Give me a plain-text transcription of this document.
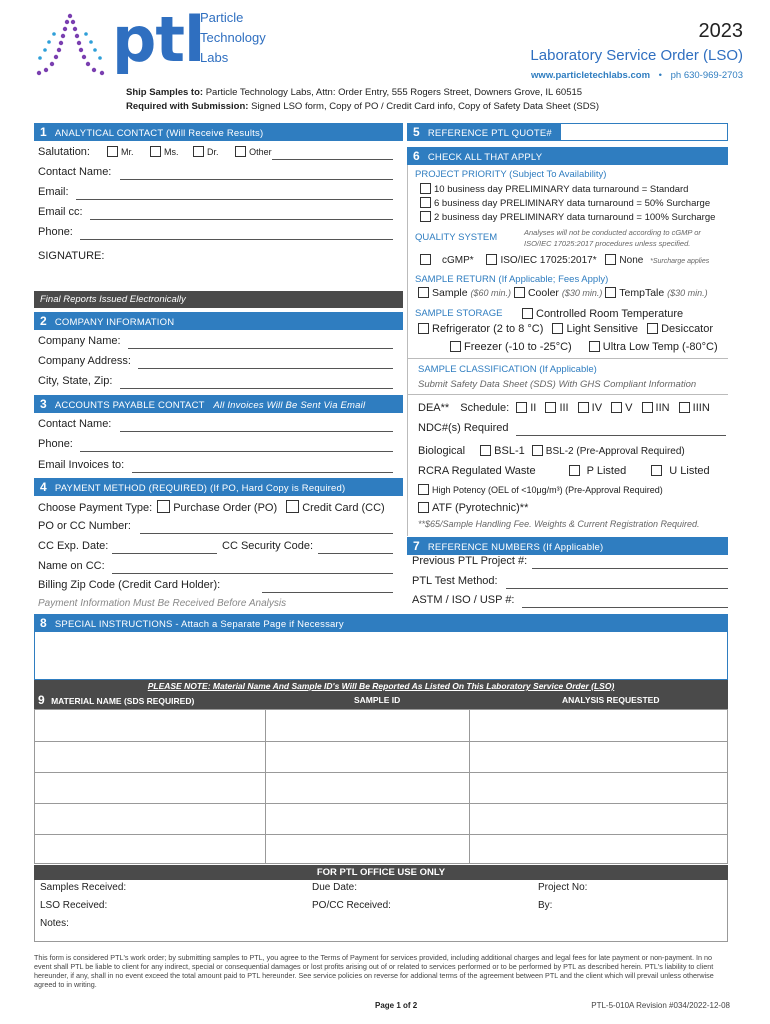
ptl
Particle
Technology
Labs
2023
Laboratory Service Order (LSO)
www.particletechlabs.com • ph 630-969-2703
Ship Samples to: Particle Technology Labs, Attn: Order Entry, 555 Rogers Street, Downers Grove, IL 60515
Required with Submission: Signed LSO form, Copy of PO / Credit Card info, Copy of Safety Data Sheet (SDS)
1 ANALYTICAL CONTACT (Will Receive Results)
Salutation:	Mr.	Ms.	Dr.	Other
Contact Name:
Email:
Email cc:
Phone:
SIGNATURE:
Final Reports Issued Electronically
2 COMPANY INFORMATION
Company Name:
Company Address:
City, State, Zip:
3 ACCOUNTS PAYABLE CONTACT All Invoices Will Be Sent Via Email
Contact Name:
Phone:
Email Invoices to:
4 PAYMENT METHOD (REQUIRED) (If PO, Hard Copy is Required)
Choose Payment Type: Purchase Order (PO) Credit Card (CC)
PO or CC Number:
CC Exp. Date:	CC Security Code:
Name on CC:
Billing Zip Code (Credit Card Holder):
Payment Information Must Be Received Before Analysis
5 REFERENCE PTL QUOTE#
6 CHECK ALL THAT APPLY
PROJECT PRIORITY (Subject To Availability)
10 business day PRELIMINARY data turnaround = Standard
6 business day PRELIMINARY data turnaround = 50% Surcharge
2 business day PRELIMINARY data turnaround = 100% Surcharge
QUALITY SYSTEM	Analyses will not be conducted according to cGMP or
ISO/IEC 17025:2017 procedures unless specified.
cGMP*	ISO/IEC 17025:2017* None *Surcharge applies
SAMPLE RETURN (If Applicable; Fees Apply)
Sample ($60 min.) Cooler ($30 min.) TempTale ($30 min.)
SAMPLE STORAGE	Controlled Room Temperature
Refrigerator (2 to 8 °C) Light Sensitive Desiccator
Freezer (-10 to -25°C)	Ultra Low Temp (-80°C)
SAMPLE CLASSIFICATION (If Applicable)
Submit Safety Data Sheet (SDS) With GHS Compliant Information
DEA** Schedule: II III IV V IIN IIIN
NDC#(s) Required
Biological	BSL-1 BSL-2 (Pre-Approval Required)
RCRA Regulated Waste	P Listed	U Listed
High Potency (OEL of <10μg/m³) (Pre-Approval Required)
ATF (Pyrotechnic)**
**$65/Sample Handling Fee. Weights & Current Registration Required.
7 REFERENCE NUMBERS (If Applicable)
Previous PTL Project #:
PTL Test Method:
ASTM / ISO / USP #:
8 SPECIAL INSTRUCTIONS - Attach a Separate Page if Necessary
PLEASE NOTE: Material Name And Sample ID's Will Be Reported As Listed On This Laboratory Service Order (LSO)
9 MATERIAL NAME (SDS REQUIRED)	SAMPLE ID	ANALYSIS REQUESTED
FOR PTL OFFICE USE ONLY
Samples Received:	Due Date:	Project No:
LSO Received:	PO/CC Received:	By:
Notes:
This form is considered PTL's work order; by submitting samples to PTL, you agree to the Terms of Payment for services provided, including additional charges and legal fees for late payment or non-payment. In no event shall PTL be liable to client for any indirect, special or consequential damages or lost profits arising out of or related to services performed or to be performed by PTL as described herein. PTL's liability to client hereunder, if any, shall in no event exceed the total amount paid to PTL hereunder. See service policies on reverse for addional terms of the agreement between PTL and the client which will prevail unless otherwise agreed to in writing.
Page 1 of 2	PTL-5-010A Revision #034/2022-12-08
